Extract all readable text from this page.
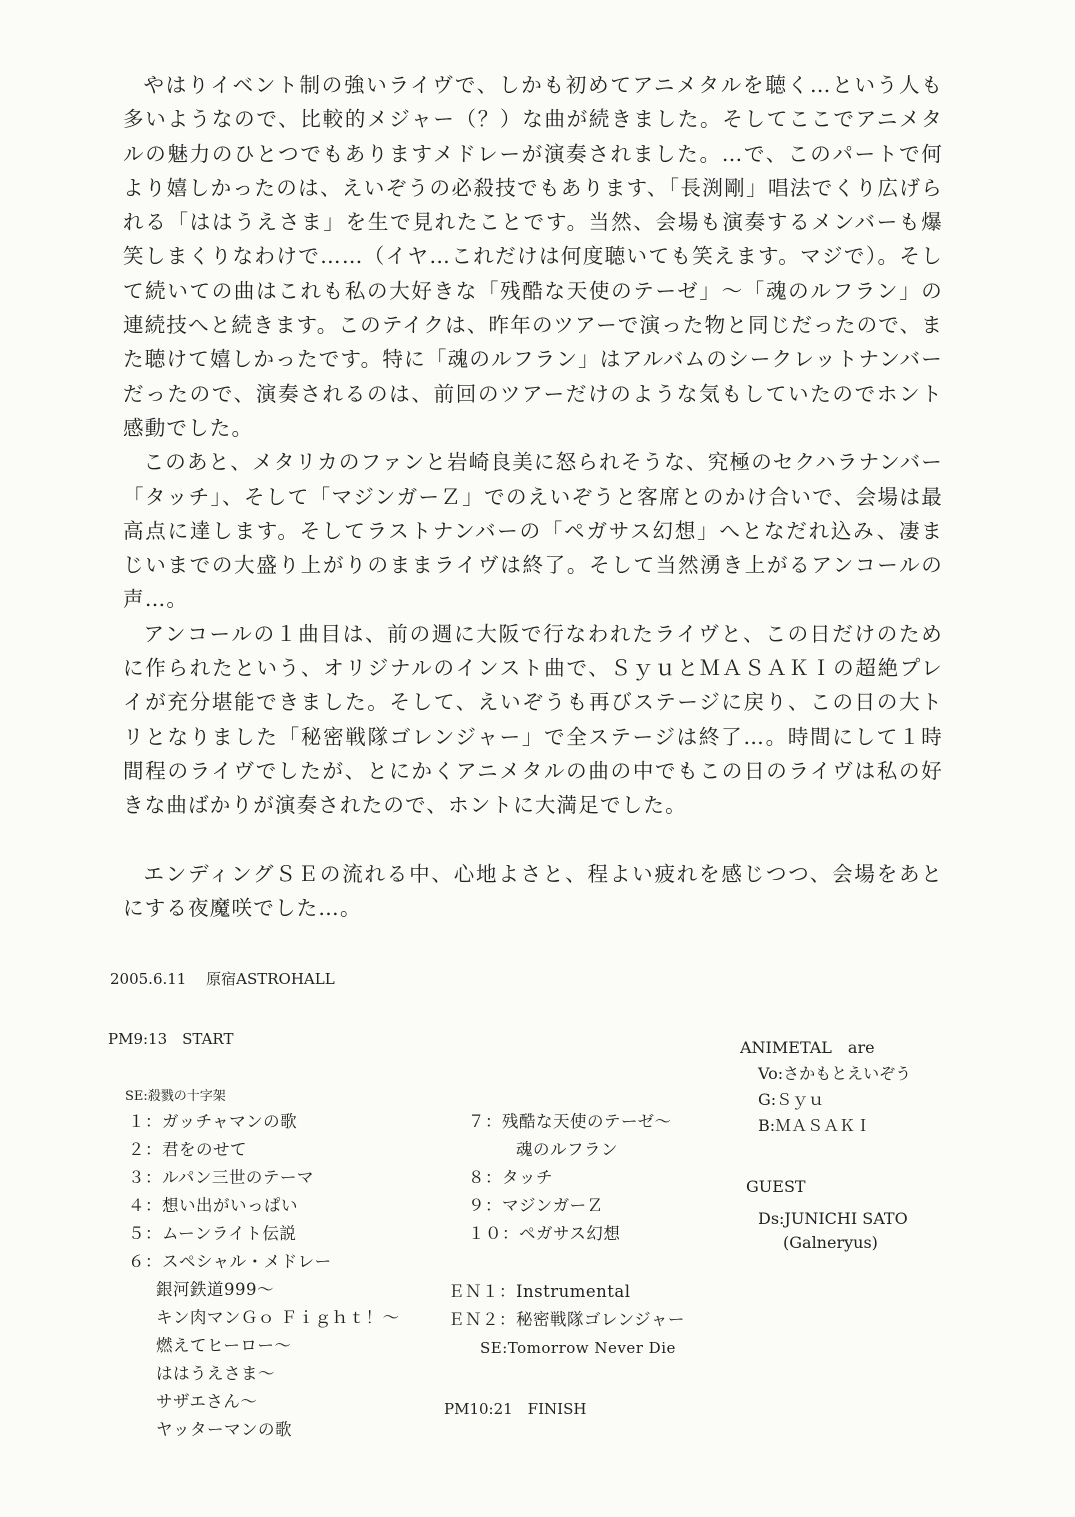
やはりイベント制の強いライヴで、しかも初めてアニメタルを聴く…という人も多いようなので、比較的メジャー（？）な曲が続きました。そしてここでアニメタルの魅力のひとつでもありますメドレーが演奏されました。…で、このパートで何より嬉しかったのは、えいぞうの必殺技でもあります、「長渕剛」唱法でくり広げられる「ははうえさま」を生で見れたことです。当然、会場も演奏するメンバーも爆笑しまくりなわけで……（イヤ…これだけは何度聴いても笑えます。マジで）。そして続いての曲はこれも私の大好きな「残酷な天使のテーゼ」～「魂のルフラン」の連続技へと続きます。このテイクは、昨年のツアーで演った物と同じだったので、また聴けて嬉しかったです。特に「魂のルフラン」はアルバムのシークレットナンバーだったので、演奏されるのは、前回のツアーだけのような気もしていたのでホント感動でした。

このあと、メタリカのファンと岩崎良美に怒られそうな、究極のセクハラナンバー「タッチ」、そして「マジンガーＺ」でのえいぞうと客席とのかけ合いで、会場は最高点に達します。そしてラストナンバーの「ペガサス幻想」へとなだれ込み、凄まじいまでの大盛り上がりのままライヴは終了。そして当然湧き上がるアンコールの声…。

アンコールの１曲目は、前の週に大阪で行なわれたライヴと、この日だけのために作られたという、オリジナルのインスト曲で、ＳｙｕとＭＡＳＡＫＩの超絶プレイが充分堪能できました。そして、えいぞうも再びステージに戻り、この日の大トリとなりました「秘密戦隊ゴレンジャー」で全ステージは終了…。時間にして１時間程のライヴでしたが、とにかくアニメタルの曲の中でもこの日のライヴは私の好きな曲ばかりが演奏されたので、ホントに大満足でした。

エンディングＳＥの流れる中、心地よさと、程よい疲れを感じつつ、会場をあとにする夜魔咲でした…。

2005.6.11　 原宿ASTROHALL
PM9:13　START
SE:殺戮の十字架
１：ガッチャマンの歌
２：君をのせて
３：ルパン三世のテーマ
４：想い出がいっぱい
５：ムーンライト伝説
６：スペシャル・メドレー
銀河鉄道999～
キン肉マンＧｏ Ｆｉｇｈｔ！～
燃えてヒーロー～
ははうえさま～
サザエさん～
ヤッターマンの歌
７：残酷な天使のテーゼ～
魂のルフラン
８：タッチ
９：マジンガーＺ
１０：ペガサス幻想
ＥＮ１：Instrumental
ＥＮ２：秘密戦隊ゴレンジャー
SE:Tomorrow Never Die
PM10:21　FINISH
ANIMETAL　are
Vo:さかもとえいぞう
G:Ｓｙｕ
B:ＭＡＳＡＫＩ
GUEST
Ds:JUNICHI SATO
(Galneryus)
